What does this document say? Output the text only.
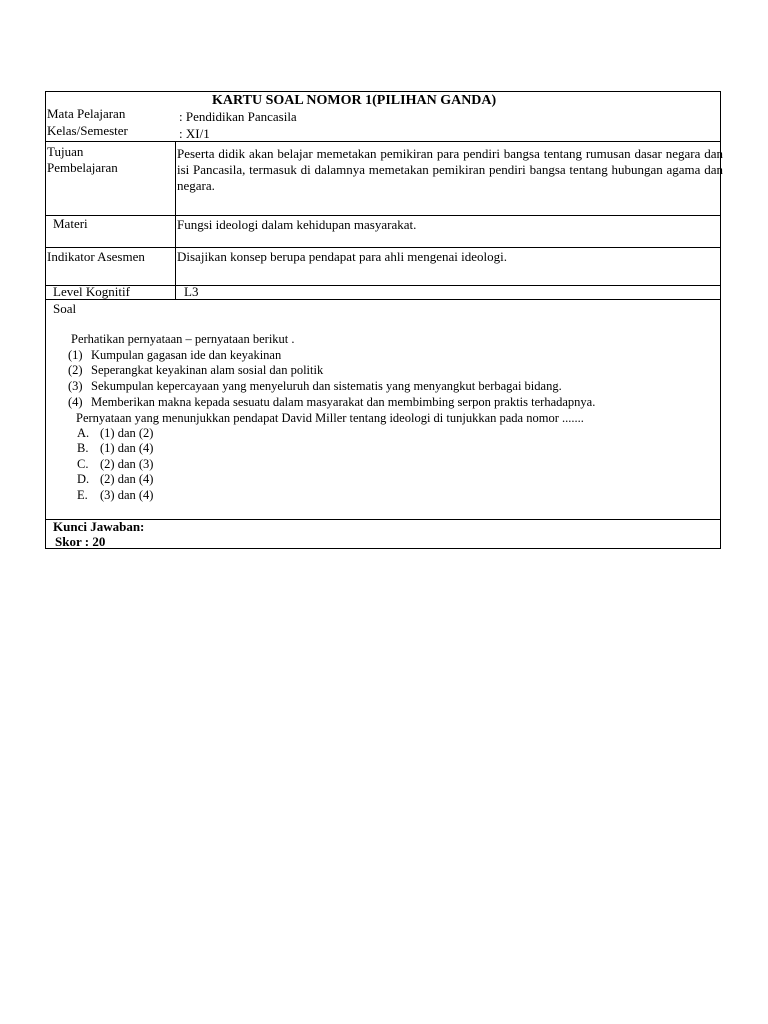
KARTU SOAL NOMOR 1(PILIHAN GANDA)
Mata Pelajaran
Kelas/Semester
: Pendidikan Pancasila
: XI/1
Tujuan
Pembelajaran
Peserta didik akan belajar memetakan pemikiran para pendiri bangsa tentang rumusan dasar negara dan isi Pancasila, termasuk di dalamnya memetakan pemikiran pendiri bangsa tentang hubungan agama dan negara.
Materi	Fungsi ideologi dalam kehidupan masyarakat.
Indikator Asesmen Disajikan konsep berupa pendapat para ahli mengenai ideologi.
Level Kognitif	L3
Soal
Perhatikan pernyataan – pernyataan berikut .
(1) Kumpulan gagasan ide dan keyakinan
(2) Seperangkat keyakinan alam sosial dan politik
(3) Sekumpulan kepercayaan yang menyeluruh dan sistematis yang menyangkut berbagai bidang.
(4) Memberikan makna kepada sesuatu dalam masyarakat dan membimbing serpon praktis terhadapnya.
Pernyataan yang menunjukkan pendapat David Miller tentang ideologi di tunjukkan pada nomor .......
A. (1) dan (2)
B. (1) dan (4)
C. (2) dan (3)
D. (2) dan (4)
E. (3) dan (4)
Kunci Jawaban:
Skor : 20
